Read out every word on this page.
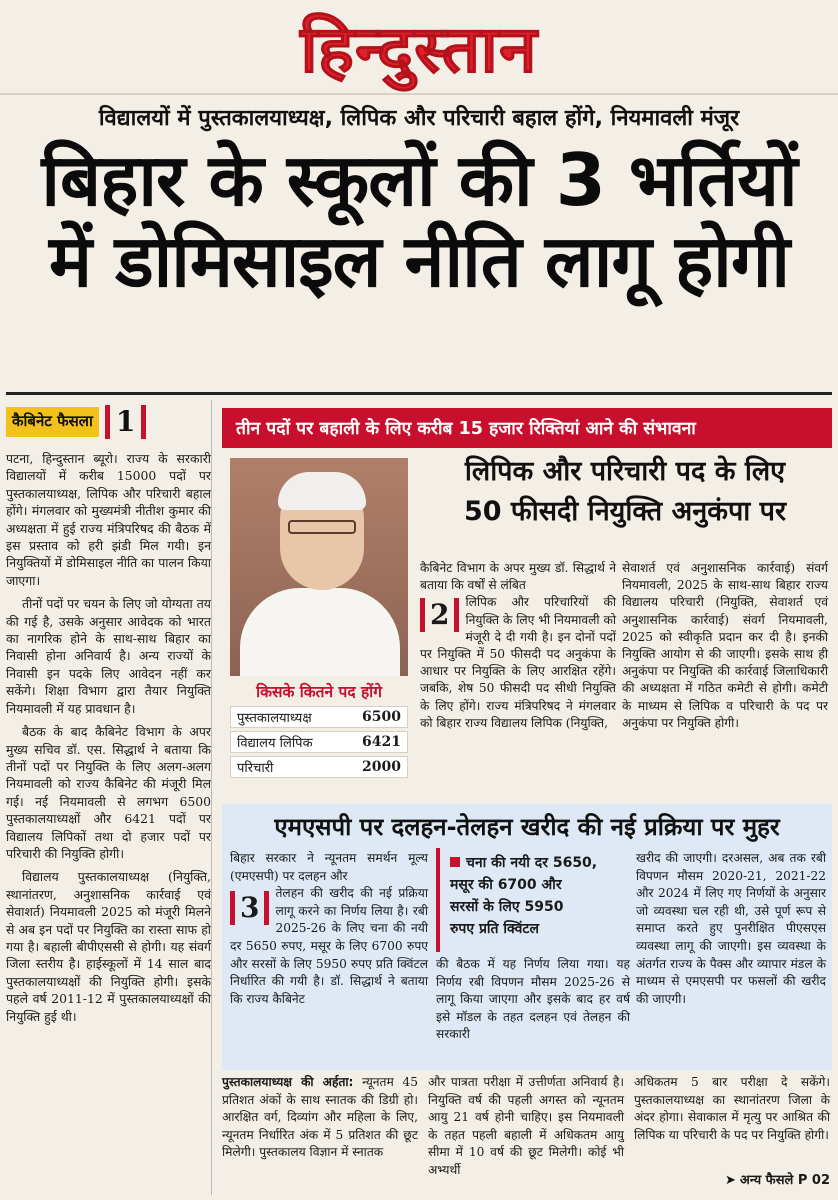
हिन्दुस्तान
विद्यालयों में पुस्तकालयाध्यक्ष, लिपिक और परिचारी बहाल होंगे, नियमावली मंजूर
बिहार के स्कूलों की 3 भर्तियों
में डोमिसाइल नीति लागू होगी
कैबिनेट फैसला 1

पटना, हिन्दुस्तान ब्यूरो। राज्य के सरकारी विद्यालयों में करीब 15000 पदों पर पुस्तकालयाध्यक्ष, लिपिक और परिचारी बहाल होंगे। मंगलवार को मुख्यमंत्री नीतीश कुमार की अध्यक्षता में हुई राज्य मंत्रिपरिषद की बैठक में इस प्रस्ताव को हरी झंडी मिल गयी। इन नियुक्तियों में डोमिसाइल नीति का पालन किया जाएगा।

तीनों पदों पर चयन के लिए जो योग्यता तय की गई है, उसके अनुसार आवेदक को भारत का नागरिक होने के साथ-साथ बिहार का निवासी होना अनिवार्य है। अन्य राज्यों के निवासी इन पदके लिए आवेदन नहीं कर सकेंगे। शिक्षा विभाग द्वारा तैयार नियुक्ति नियमावली में यह प्रावधान है।

बैठक के बाद कैबिनेट विभाग के अपर मुख्य सचिव डॉ. एस. सिद्धार्थ ने बताया कि तीनों पदों पर नियुक्ति के लिए अलग-अलग नियमावली को राज्य कैबिनेट की मंजूरी मिल गई। नई नियमावली से लगभग 6500 पुस्तकालयाध्यक्षों और 6421 पदों पर विद्यालय लिपिकों तथा दो हजार पदों पर परिचारी की नियुक्ति होगी।

विद्यालय पुस्तकालयाध्यक्ष (नियुक्ति, स्थानांतरण, अनुशासनिक कार्रवाई एवं सेवाशर्त) नियमावली 2025 को मंजूरी मिलने से अब इन पदों पर नियुक्ति का रास्ता साफ हो गया है। बहाली बीपीएससी से होगी। यह संवर्ग जिला स्तरीय है। हाईस्कूलों में 14 साल बाद पुस्तकालयाध्यक्षों की नियुक्ति होगी। इसके पहले वर्ष 2011-12 में पुस्तकालयाध्यक्षों की नियुक्ति हुई थी।

तीन पदों पर बहाली के लिए करीब 15 हजार रिक्तियां आने की संभावना
लिपिक और परिचारी पद के लिए
50 फीसदी नियुक्ति अनुकंपा पर
किसके कितने पद होंगे
पुस्तकालयाध्यक्ष	6500
विद्यालय लिपिक	6421
परिचारी	2000
कैबिनेट विभाग के अपर मुख्य डॉ. सिद्धार्थ ने बताया कि वर्षों से लंबित
2	लिपिक और परिचारियों की नियुक्ति के लिए भी नियमावली को मंजूरी दे दी गयी है। इन दोनों पदों पर नियुक्ति में 50 फीसदी पद अनुकंपा के आधार पर नियुक्ति के लिए आरक्षित रहेंगे। जबकि, शेष 50 फीसदी पद सीधी नियुक्ति के लिए होंगे। राज्य मंत्रिपरिषद ने मंगलवार को बिहार राज्य विद्यालय लिपिक (नियुक्ति,
सेवाशर्त एवं अनुशासनिक कार्रवाई) संवर्ग नियमावली, 2025 के साथ-साथ बिहार राज्य विद्यालय परिचारी (नियुक्ति, सेवाशर्त एवं अनुशासनिक कार्रवाई) संवर्ग नियमावली, 2025 को स्वीकृति प्रदान कर दी है। इनकी नियुक्ति आयोग से की जाएगी। इसके साथ ही अनुकंपा पर नियुक्ति की कार्रवाई जिलाधिकारी की अध्यक्षता में गठित कमेटी से होगी। कमेटी के माध्यम से लिपिक व परिचारी के पद पर अनुकंपा पर नियुक्ति होगी।
एमएसपी पर दलहन-तेलहन खरीद की नई प्रक्रिया पर मुहर
बिहार सरकार ने न्यूनतम समर्थन मूल्य (एमएसपी) पर दलहन और
3	तेलहन की खरीद की नई प्रक्रिया लागू करने का निर्णय लिया है। रबी 2025-26 के लिए चना की नयी दर 5650 रुपए, मसूर के लिए 6700 रुपए और सरसों के लिए 5950 रुपए प्रति क्विंटल निर्धारित की गयी है। डॉ. सिद्धार्थ ने बताया कि राज्य कैबिनेट
चना की नयी दर 5650,
मसूर की 6700 और
सरसों के लिए 5950
रुपए प्रति क्विंटल
की बैठक में यह निर्णय लिया गया। यह निर्णय रबी विपणन मौसम 2025-26 से लागू किया जाएगा और इसके बाद हर वर्ष इसे मॉडल के तहत दलहन एवं तेलहन की सरकारी
खरीद की जाएगी। दरअसल, अब तक रबी विपणन मौसम 2020-21, 2021-22 और 2024 में लिए गए निर्णयों के अनुसार जो व्यवस्था चल रही थी, उसे पूर्ण रूप से समाप्त करते हुए पुनरीक्षित पीएसएस व्यवस्था लागू की जाएगी। इस व्यवस्था के अंतर्गत राज्य के पैक्स और व्यापार मंडल के माध्यम से एमएसपी पर फसलों की खरीद की जाएगी।
पुस्तकालयाध्यक्ष की अर्हता: न्यूनतम 45 प्रतिशत अंकों के साथ स्नातक की डिग्री हो। आरक्षित वर्ग, दिव्यांग और महिला के लिए, न्यूनतम निर्धारित अंक में 5 प्रतिशत की छूट मिलेगी। पुस्तकालय विज्ञान में स्नातक
और पात्रता परीक्षा में उत्तीर्णता अनिवार्य है। नियुक्ति वर्ष की पहली अगस्त को न्यूनतम आयु 21 वर्ष होनी चाहिए। इस नियमावली के तहत पहली बहाली में अधिकतम आयु सीमा में 10 वर्ष की छूट मिलेगी। कोई भी अभ्यर्थी
अधिकतम 5 बार परीक्षा दे सकेंगे। पुस्तकालयाध्यक्ष का स्थानांतरण जिला के अंदर होगा। सेवाकाल में मृत्यु पर आश्रित की लिपिक या परिचारी के पद पर नियुक्ति होगी।
➤ अन्य फैसले P 02
